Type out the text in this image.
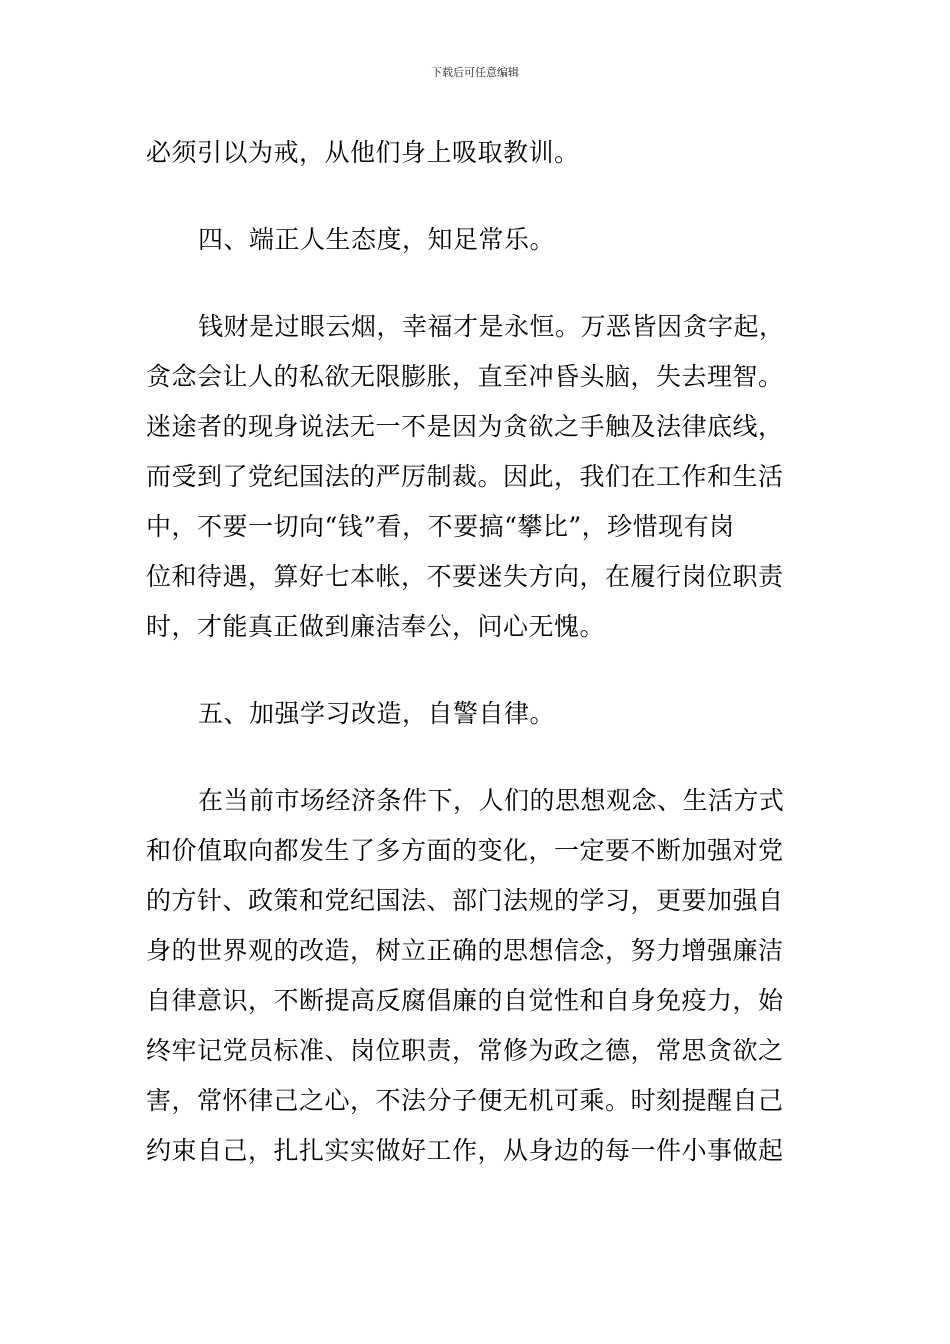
下载后可任意编辑
必须引以为戒，从他们身上吸取教训。
四、端正人生态度，知足常乐。
钱财是过眼云烟，幸福才是永恒。万恶皆因贪字起，
贪念会让人的私欲无限膨胀，直至冲昏头脑，失去理智。
迷途者的现身说法无一不是因为贪欲之手触及法律底线，
而受到了党纪国法的严厉制裁。因此，我们在工作和生活
中，不要一切向“钱”看，不要搞“攀比”，珍惜现有岗
位和待遇，算好七本帐，不要迷失方向，在履行岗位职责
时，才能真正做到廉洁奉公，问心无愧。
五、加强学习改造，自警自律。
在当前市场经济条件下，人们的思想观念、生活方式
和价值取向都发生了多方面的变化，一定要不断加强对党
的方针、政策和党纪国法、部门法规的学习，更要加强自
身的世界观的改造，树立正确的思想信念，努力增强廉洁
自律意识，不断提高反腐倡廉的自觉性和自身免疫力，始
终牢记党员标准、岗位职责，常修为政之德，常思贪欲之
害，常怀律己之心，不法分子便无机可乘。时刻提醒自己
约束自己，扎扎实实做好工作，从身边的每一件小事做起
